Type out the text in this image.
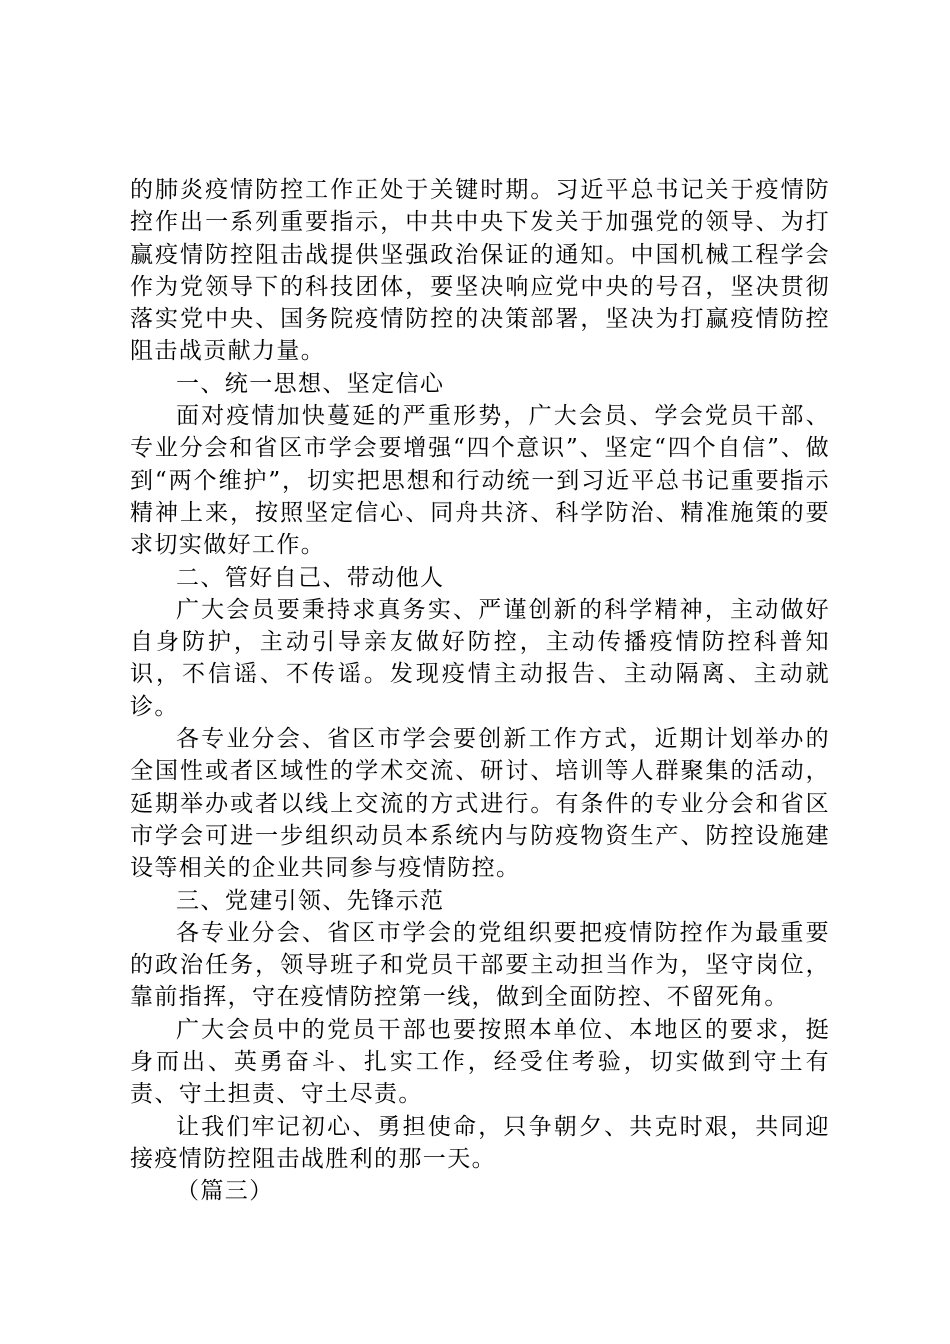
的肺炎疫情防控工作正处于关键时期。习近平总书记关于疫情防控作出一系列重要指示，中共中央下发关于加强党的领导、为打赢疫情防控阻击战提供坚强政治保证的通知。中国机械工程学会作为党领导下的科技团体，要坚决响应党中央的号召，坚决贯彻落实党中央、国务院疫情防控的决策部署，坚决为打赢疫情防控阻击战贡献力量。

一、统一思想、坚定信心

面对疫情加快蔓延的严重形势，广大会员、学会党员干部、专业分会和省区市学会要增强“四个意识”、坚定“四个自信”、做到“两个维护”，切实把思想和行动统一到习近平总书记重要指示精神上来，按照坚定信心、同舟共济、科学防治、精准施策的要求切实做好工作。

二、管好自己、带动他人

广大会员要秉持求真务实、严谨创新的科学精神，主动做好自身防护，主动引导亲友做好防控，主动传播疫情防控科普知识，不信谣、不传谣。发现疫情主动报告、主动隔离、主动就诊。

各专业分会、省区市学会要创新工作方式，近期计划举办的全国性或者区域性的学术交流、研讨、培训等人群聚集的活动，延期举办或者以线上交流的方式进行。有条件的专业分会和省区市学会可进一步组织动员本系统内与防疫物资生产、防控设施建设等相关的企业共同参与疫情防控。

三、党建引领、先锋示范

各专业分会、省区市学会的党组织要把疫情防控作为最重要的政治任务，领导班子和党员干部要主动担当作为，坚守岗位，靠前指挥，守在疫情防控第一线，做到全面防控、不留死角。

广大会员中的党员干部也要按照本单位、本地区的要求，挺身而出、英勇奋斗、扎实工作，经受住考验，切实做到守土有责、守土担责、守土尽责。

让我们牢记初心、勇担使命，只争朝夕、共克时艰，共同迎接疫情防控阻击战胜利的那一天。

（篇三）
